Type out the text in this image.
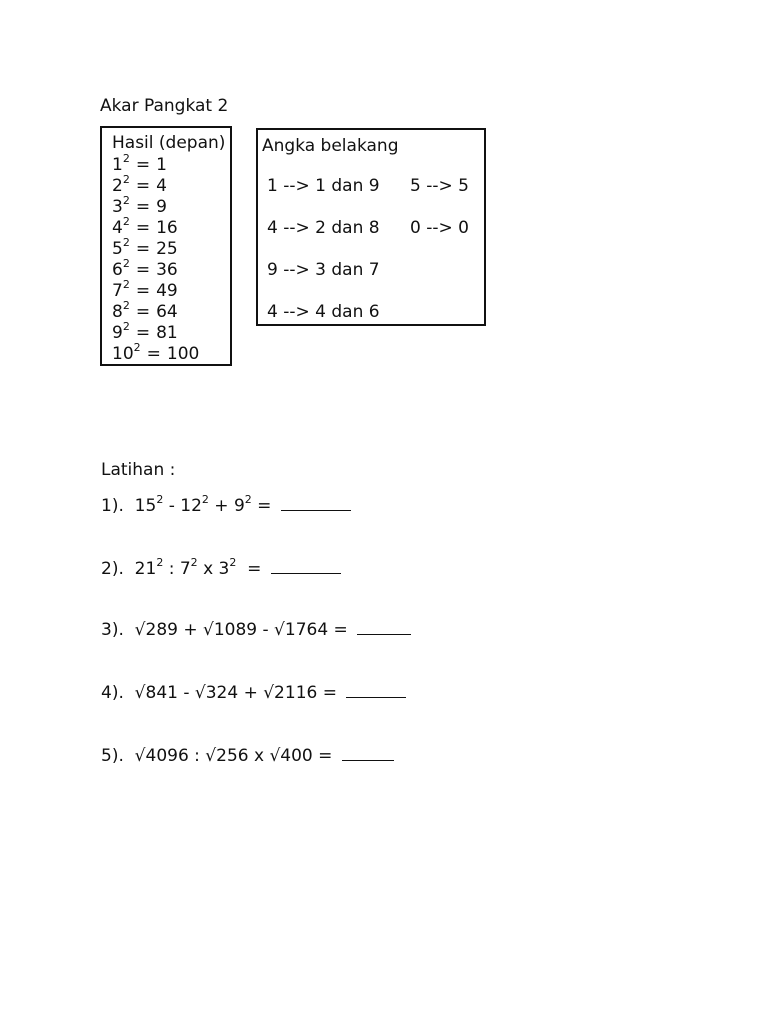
Akar Pangkat 2
Hasil (depan)
$1^2 = 1$
$2^2 = 4$
$3^2 = 9$
$4^2 = 16$
$5^2 = 25$
$6^2 = 36$
$7^2 = 49$
$8^2 = 64$
$9^2 = 81$
$10^2 = 100$
Angka belakang
1 --> 1 dan 9
4 --> 2 dan 8
9 --> 3 dan 7
4 --> 4 dan 6
5 --> 5
0 --> 0
Latihan :
1). $15^2 - 12^2 + 9^2$ =
2). $21^2$ : $7^2$ x $3^2$  =
3). √289 + √1089 - √1764 =
4). √841 - √324 + √2116 =
5). √4096 : √256 x √400 =
